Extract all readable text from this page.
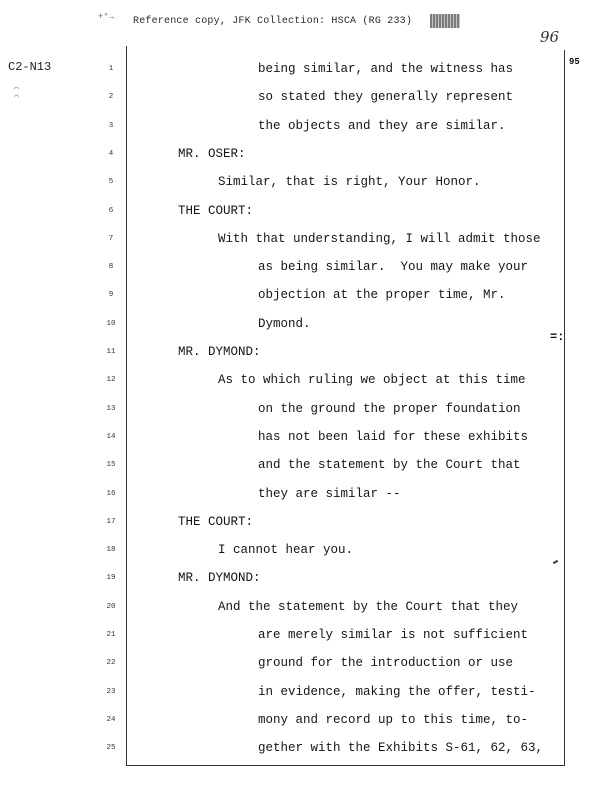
+°→ Reference copy, JFK Collection: HSCA (RG 233)
96
95
C2-N13
⌒
⌒
=:
1	being similar, and the witness has
2	so stated they generally represent
3	the objects and they are similar.
4	MR. OSER:
5	Similar, that is right, Your Honor.
6	THE COURT:
7	With that understanding, I will admit those
8	as being similar.  You may make your
9	objection at the proper time, Mr.
10	Dymond.
11	MR. DYMOND:
12	As to which ruling we object at this time
13	on the ground the proper foundation
14	has not been laid for these exhibits
15	and the statement by the Court that
16	they are similar --
17	THE COURT:
18	I cannot hear you.
19	MR. DYMOND:
20	And the statement by the Court that they
21	are merely similar is not sufficient
22	ground for the introduction or use
23	in evidence, making the offer, testi-
24	mony and record up to this time, to-
25	gether with the Exhibits S-61, 62, 63,
